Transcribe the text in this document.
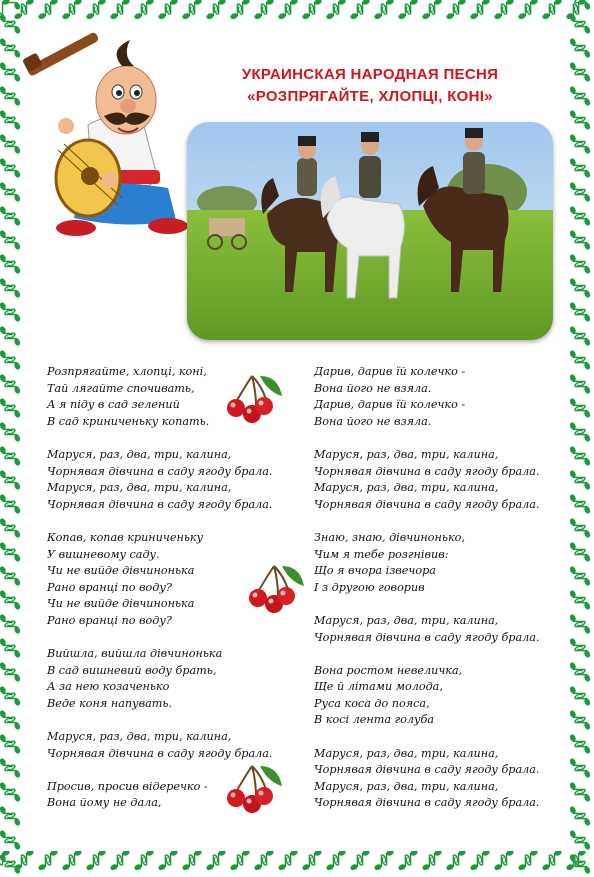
УКРАИНСКАЯ НАРОДНАЯ ПЕСНЯ
«РОЗПРЯГАЙТЕ, ХЛОПЦІ, КОНІ»
Розпрягайте, хлопці, коні,
Тай лягайте спочивать,
А я піду в сад зелений
В сад криниченьку копать.
Маруся, раз, два, три, калина,
Чорнявая дівчина в саду ягоду брала.
Маруся, раз, два, три, калина,
Чорнявая дівчина в саду ягоду брала.
Копав, копав криниченьку
У вишневому саду.
Чи не вийде дівчинонька
Рано вранці по воду?
Чи не вийде дівчинонька
Рано вранці по воду?
Вийшла, вийшла дівчинонька
В сад вишневий воду брать,
А за нею козаченько
Веде коня напувать.
Маруся, раз, два, три, калина,
Чорнявая дівчина в саду ягоду брала.
Просив, просив відеречко -
Вона йому не дала,
Дарив, дарив їй колечко -
Вона його не взяла.
Дарив, дарив їй колечко -
Вона його не взяла.
Маруся, раз, два, три, калина,
Чорнявая дівчина в саду ягоду брала.
Маруся, раз, два, три, калина,
Чорнявая дівчина в саду ягоду брала.
Знаю, знаю, дівчинонько,
Чим я тебе розгнівив:
Що я вчора ізвечора
І з другою говорив
Маруся, раз, два, три, калина,
Чорнявая дівчина в саду ягоду брала.
Вона ростом невеличка,
Ще й літами молода,
Руса коса до пояса,
В косі лента голуба
Маруся, раз, два, три, калина,
Чорнявая дівчина в саду ягоду брала.
Маруся, раз, два, три, калина,
Чорнявая дівчина в саду ягоду брала.
